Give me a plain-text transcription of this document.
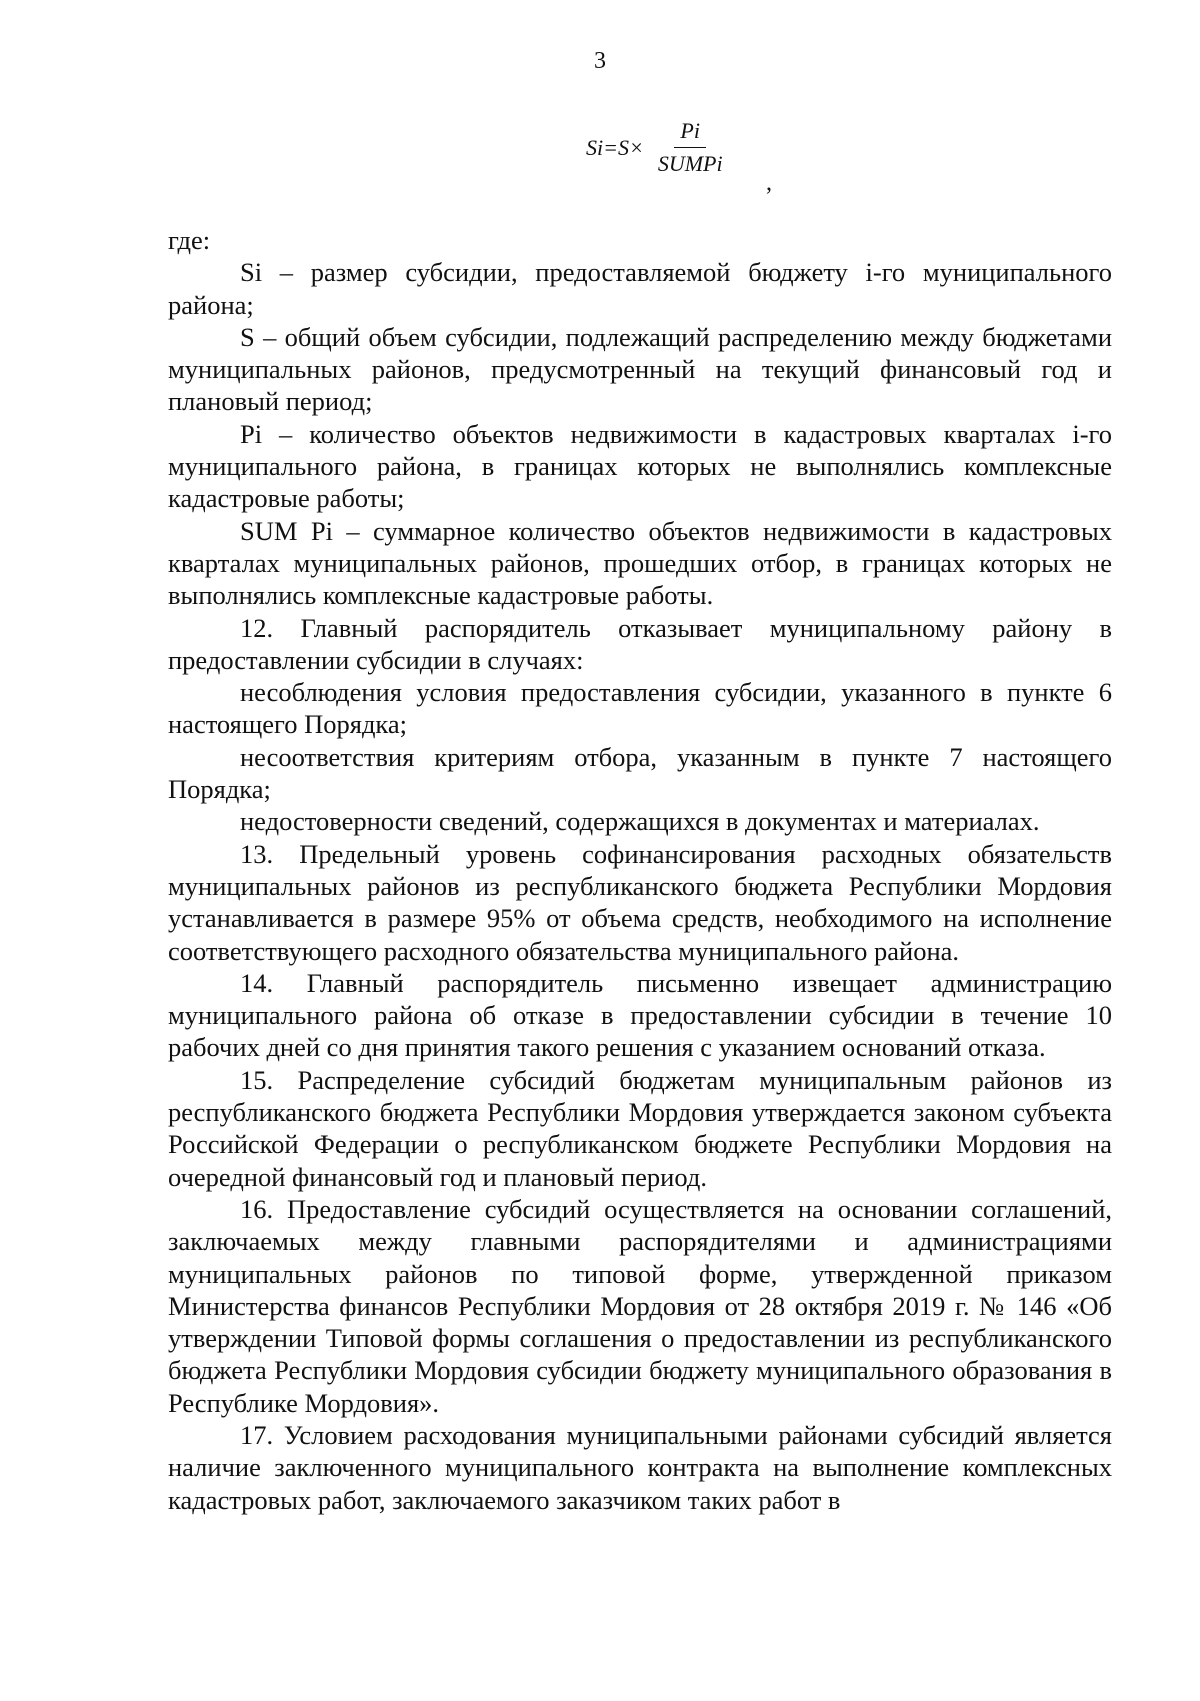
3
$Si=S\times \frac{Pi}{\text{SUMPi}}$
,

где:

Si – размер субсидии, предоставляемой бюджету i-го муниципального района;

S – общий объем субсидии, подлежащий распределению между бюджетами муниципальных районов, предусмотренный на текущий финансовый год и плановый период;

Pi – количество объектов недвижимости в кадастровых кварталах i-го муниципального района, в границах которых не выполнялись комплексные кадастровые работы;

SUM Pi – суммарное количество объектов недвижимости в кадастровых кварталах муниципальных районов, прошедших отбор, в границах которых не выполнялись комплексные кадастровые работы.

12. Главный распорядитель отказывает муниципальному району в предоставлении субсидии в случаях:

несоблюдения условия предоставления субсидии, указанного в пункте 6 настоящего Порядка;

несоответствия критериям отбора, указанным в пункте 7 настоящего Порядка;

недостоверности сведений, содержащихся в документах и материалах.

13. Предельный уровень софинансирования расходных обязательств муниципальных районов из республиканского бюджета Республики Мордовия устанавливается в размере 95% от объема средств, необходимого на исполнение соответствующего расходного обязательства муниципального района.

14. Главный распорядитель письменно извещает администрацию муниципального района об отказе в предоставлении субсидии в течение 10 рабочих дней со дня принятия такого решения с указанием оснований отказа.

15. Распределение субсидий бюджетам муниципальным районов из республиканского бюджета Республики Мордовия утверждается законом субъекта Российской Федерации о республиканском бюджете Республики Мордовия на очередной финансовый год и плановый период.

16. Предоставление субсидий осуществляется на основании соглашений, заключаемых между главными распорядителями и администрациями муниципальных районов по типовой форме, утвержденной приказом Министерства финансов Республики Мордовия от 28 октября 2019 г. № 146 «Об утверждении Типовой формы соглашения о предоставлении из республиканского бюджета Республики Мордовия субсидии бюджету муниципального образования в Республике Мордовия».

17. Условием расходования муниципальными районами субсидий является наличие заключенного муниципального контракта на выполнение комплексных кадастровых работ, заключаемого заказчиком таких работ в
